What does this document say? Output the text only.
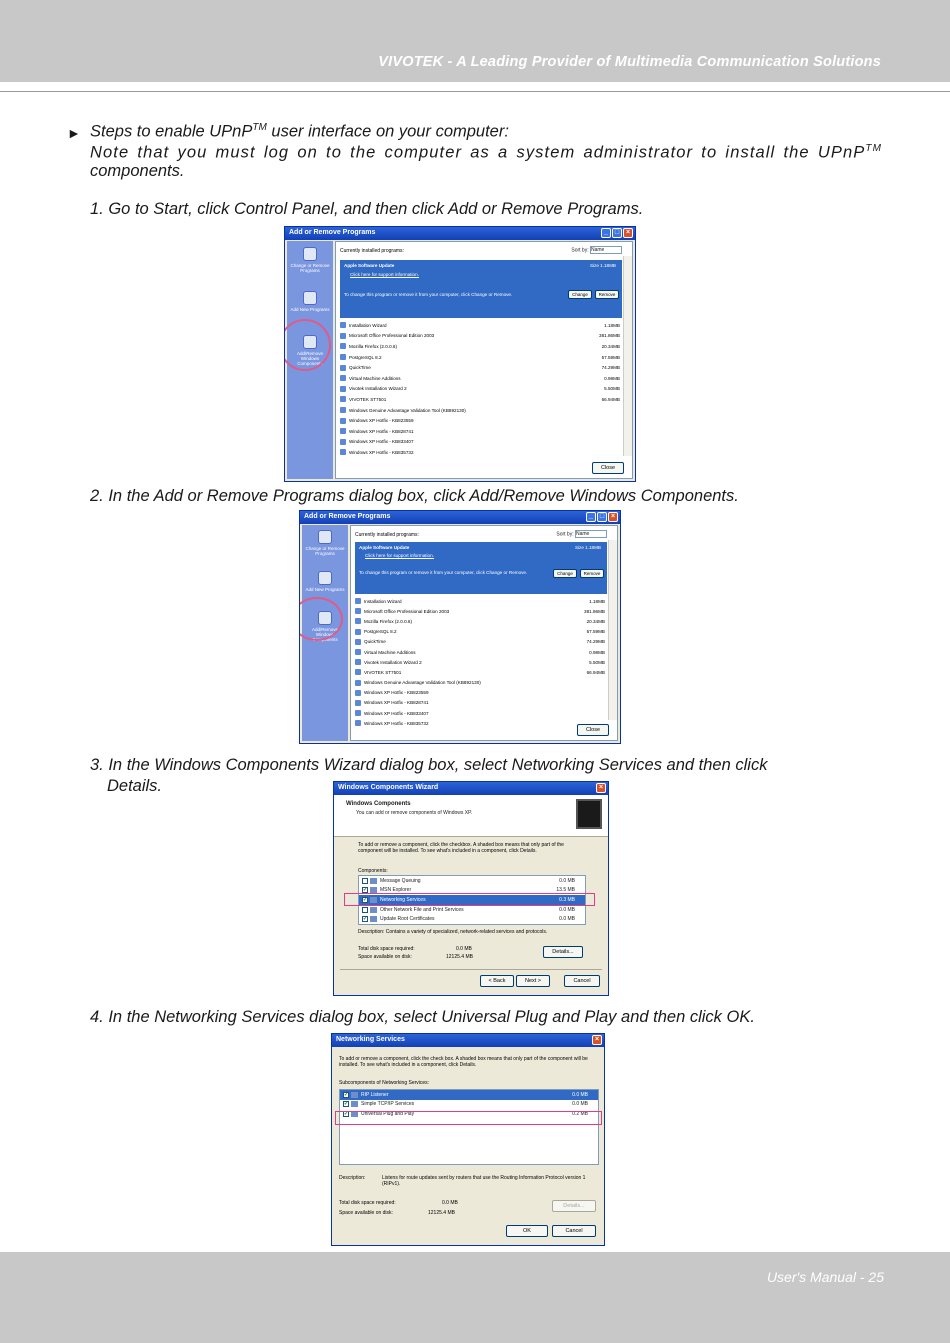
VIVOTEK - A Leading Provider of Multimedia Communication Solutions
► Steps to enable UPnP™ user interface on your computer:
Note that you must log on to the computer as a system administrator to install the UPnP™
components.
1. Go to Start, click Control Panel, and then click Add or Remove Programs.
Add or Remove Programs	_ □ ×
Change or Remove Programs
Add New Programs
Add/Remove Windows Components
Currently installed programs:	Sort by: Name
Apple Software Update
Click here for support information.
Size 1.18MB
To change this program or remove it from your computer, click Change or Remove.	Change	Remove
Installation Wizard	1.18MB
Microsoft Office Professional Edition 2003	381.86MB
Mozilla Firefox (2.0.0.6)	20.34MB
PostgreSQL 8.2	57.59MB
QuickTime	74.29MB
Virtual Machine Additions	0.98MB
Vivotek Installation Wizard 2	5.50MB
VIVOTEK ST7501	66.94MB
Windows Genuine Advantage Validation Tool (KB892130)
Windows XP Hotfix - KB823559
Windows XP Hotfix - KB828741
Windows XP Hotfix - KB833407
Windows XP Hotfix - KB835732
Close
2. In the Add or Remove Programs dialog box, click Add/Remove Windows Components.
Add or Remove Programs	_ □ ×
Change or Remove Programs
Add New Programs
Add/Remove Windows Components
Currently installed programs:	Sort by: Name
Apple Software Update
Click here for support information.
Size 1.18MB
To change this program or remove it from your computer, click Change or Remove.	Change	Remove
Installation Wizard	1.18MB
Microsoft Office Professional Edition 2003	381.86MB
Mozilla Firefox (2.0.0.6)	20.34MB
PostgreSQL 8.2	57.59MB
QuickTime	74.29MB
Virtual Machine Additions	0.98MB
Vivotek Installation Wizard 2	5.50MB
VIVOTEK ST7501	66.94MB
Windows Genuine Advantage Validation Tool (KB892130)
Windows XP Hotfix - KB823559
Windows XP Hotfix - KB828741
Windows XP Hotfix - KB833407
Windows XP Hotfix - KB835732
Close
3. In the Windows Components Wizard dialog box, select Networking Services and then click
Details.	Windows Components Wizard	×
Windows Components
You can add or remove components of Windows XP.
To add or remove a component, click the checkbox. A shaded box means that only part of the component will be installed. To see what's included in a component, click Details.
Components:
Message Queuing	0.0 MB
✔	MSN Explorer	13.5 MB
✔	Networking Services	0.3 MB
Other Network File and Print Services	0.0 MB
✔	Update Root Certificates	0.0 MB
Description: Contains a variety of specialized, network-related services and protocols.
Total disk space required:	0.0 MB
Space available on disk:	12125.4 MB
Details...
< Back	Next >	Cancel
4. In the Networking Services dialog box, select Universal Plug and Play and then click OK.
Networking Services	×
To add or remove a component, click the check box. A shaded box means that only part of the component will be installed. To see what's included in a component, click Details.
Subcomponents of Networking Services:
✔	RIP Listener	0.0 MB
✔	Simple TCP/IP Services	0.0 MB
✔	Universal Plug and Play	0.2 MB
Description:	Listens for route updates sent by routers that use the Routing Information Protocol version 1 (RIPv1).
Total disk space required:	0.0 MB
Space available on disk:	12125.4 MB
Details...
OK	Cancel
User's Manual - 25
